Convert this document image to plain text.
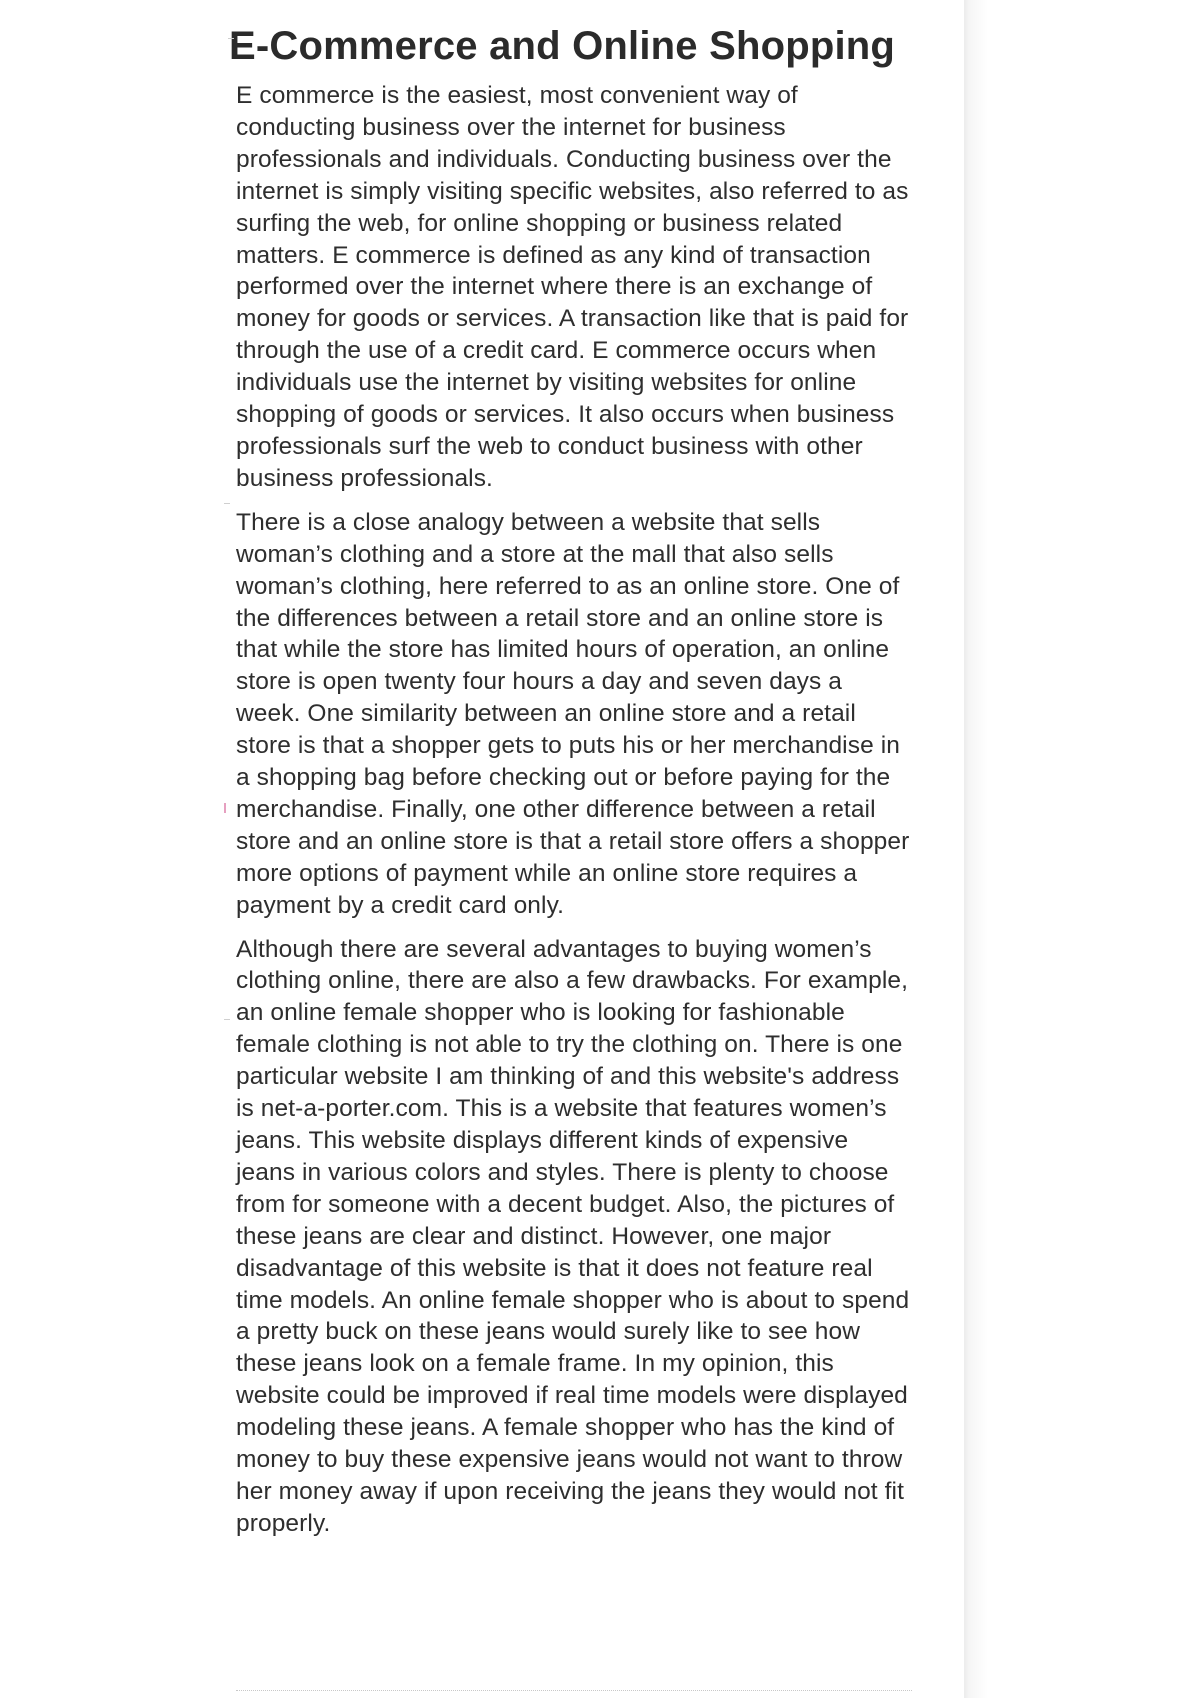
E-Commerce and Online Shopping

E commerce is the easiest, most convenient way of conducting business over the internet for business professionals and individuals. Conducting business over the internet is simply visiting specific websites, also referred to as surfing the web, for online shopping or business related matters. E commerce is defined as any kind of transaction performed over the internet where there is an exchange of money for goods or services. A transaction like that is paid for through the use of a credit card. E commerce occurs when individuals use the internet by visiting websites for online shopping of goods or services. It also occurs when business professionals surf the web to conduct business with other business professionals.

There is a close analogy between a website that sells woman’s clothing and a store at the mall that also sells woman’s clothing, here referred to as an online store. One of the differences between a retail store and an online store is that while the store has limited hours of operation, an online store is open twenty four hours a day and seven days a week. One similarity between an online store and a retail store is that a shopper gets to puts his or her merchandise in a shopping bag before checking out or before paying for the merchandise. Finally, one other difference between a retail store and an online store is that a retail store offers a shopper more options of payment while an online store requires a payment by a credit card only.

Although there are several advantages to buying women’s clothing online, there are also a few drawbacks. For example, an online female shopper who is looking for fashionable female clothing is not able to try the clothing on. There is one particular website I am thinking of and this website's address is net-a-porter.com. This is a website that features women’s jeans. This website displays different kinds of expensive jeans in various colors and styles. There is plenty to choose from for someone with a decent budget. Also, the pictures of these jeans are clear and distinct. However, one major disadvantage of this website is that it does not feature real time models. An online female shopper who is about to spend a pretty buck on these jeans would surely like to see how these jeans look on a female frame. In my opinion, this website could be improved if real time models were displayed modeling these jeans. A female shopper who has the kind of money to buy these expensive jeans would not want to throw her money away if upon receiving the jeans they would not fit properly.
